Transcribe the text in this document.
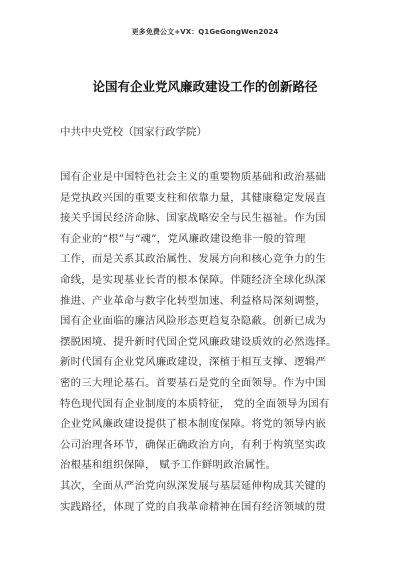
更多免费公文+VX：Q1GeGongWen2024
论国有企业党风廉政建设工作的创新路径
中共中央党校（国家行政学院）
国有企业是中国特色社会主义的重要物质基础和政治基础
是党执政兴国的重要支柱和依靠力量，其健康稳定发展直
接关乎国民经济命脉、国家战略安全与民生福祉。作为国
有企业的“根”与“魂”，党风廉政建设绝非一般的管理
工作，而是关系其政治属性、发展方向和核心竞争力的生
命线，是实现基业长青的根本保障。伴随经济全球化纵深
推进、产业革命与数字化转型加速、利益格局深刻调整，
国有企业面临的廉洁风险形态更趋复杂隐蔽。创新已成为
摆脱困境、提升新时代国企党风廉政建设质效的必然选择。
新时代国有企业党风廉政建设，深植于相互支撑、逻辑严
密的三大理论基石。首要基石是党的全面领导。作为中国
特色现代国有企业制度的本质特征， 党的全面领导为国有
企业党风廉政建设提供了根本制度保障。将党的领导内嵌
公司治理各环节，确保正确政治方向，有利于构筑坚实政
治根基和组织保障， 赋予工作鲜明政治属性。
其次，全面从严治党向纵深发展与基层延伸构成其关键的
实践路径，体现了党的自我革命精神在国有经济领域的贯
